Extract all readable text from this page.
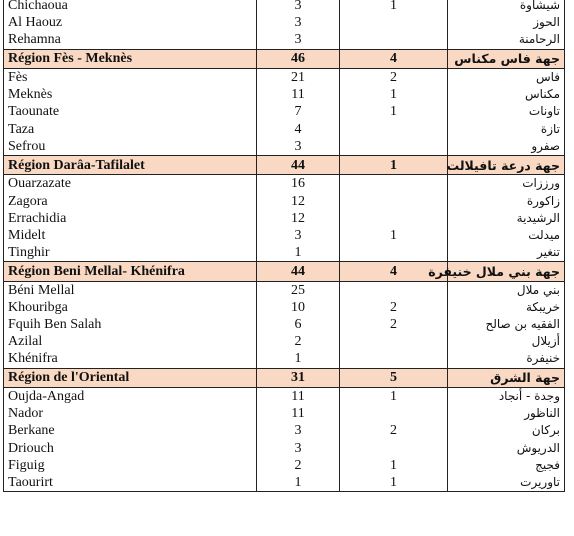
Chichaoua	3	1	شيشاوة
Al Haouz	3		الحوز
Rehamna	3		الرحامنة
Région Fès - Meknès	46	4	جهة فاس مكناس
Fès	21	2	فاس
Meknès	11	1	مكناس
Taounate	7	1	تاونات
Taza	4		تازة
Sefrou	3		صفرو
Région Darâa-Tafilalet	44	1	جهة درعة تافيلالت
Ouarzazate	16		ورززات
Zagora	12		زاكورة
Errachidia	12		الرشيدية
Midelt	3	1	ميدلت
Tinghir	1		تنغير
Région Beni Mellal- Khénifra	44	4	جهة بني ملال خنيفرة
Béni Mellal	25		بني ملال
Khouribga	10	2	خريبكة
Fquih Ben Salah	6	2	الفقيه بن صالح
Azilal	2		أزيلال
Khénifra	1		خنيفرة
Région de l'Oriental	31	5	جهة الشرق
Oujda-Angad	11	1	وجدة - أنجاد
Nador	11		الناظور
Berkane	3	2	بركان
Driouch	3		الدريوش
Figuig	2	1	فجيج
Taourirt	1	1	تاوريرت
